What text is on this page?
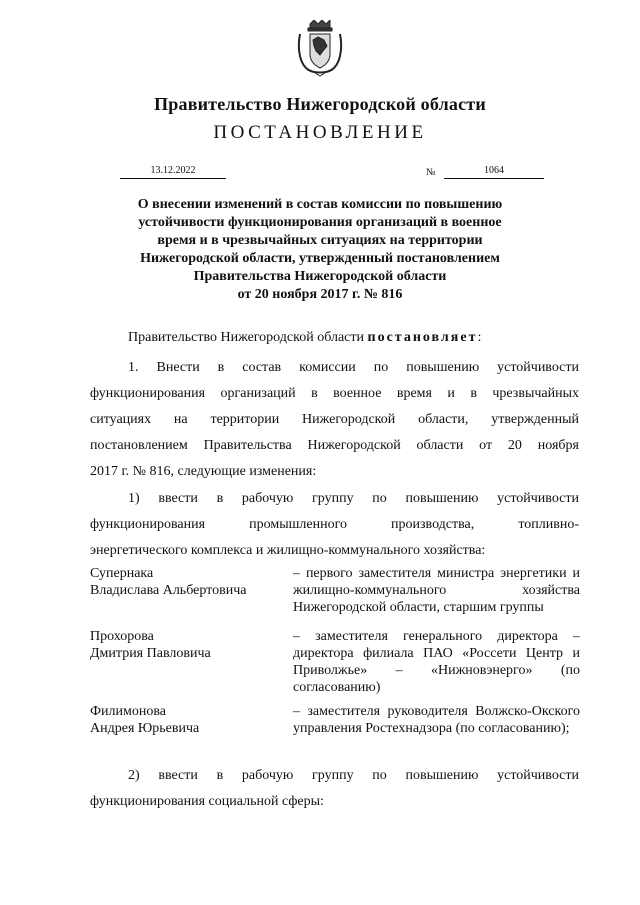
Правительство Нижегородской области
ПОСТАНОВЛЕНИЕ
13.12.2022	№	1064
О внесении изменений в состав комиссии по повышению
устойчивости функционирования организаций в военное
время и в чрезвычайных ситуациях на территории
Нижегородской области, утвержденный постановлением
Правительства Нижегородской области
от 20 ноября 2017 г. № 816
Правительство Нижегородской области постановляет:
1. Внести в состав комиссии по повышению устойчивости
функционирования организаций в военное время и в чрезвычайных
ситуациях на территории Нижегородской области, утвержденный
постановлением Правительства Нижегородской области от 20 ноября
2017 г. № 816, следующие изменения:
1) ввести в рабочую группу по повышению устойчивости
функционирования промышленного производства, топливно-
энергетического комплекса и жилищно-коммунального хозяйства:
Супернака
Владислава Альбертовича
– первого заместителя министра энергетики и жилищно-коммунального хозяйства Нижегородской области, старшим группы
Прохорова
Дмитрия Павловича
– заместителя генерального директора – директора филиала ПАО «Россети Центр и Приволжье» – «Нижновэнерго» (по согласованию)
Филимонова
Андрея Юрьевича
– заместителя руководителя Волжско-Окского управления Ростехнадзора (по согласованию);
2) ввести в рабочую группу по повышению устойчивости
функционирования социальной сферы:
